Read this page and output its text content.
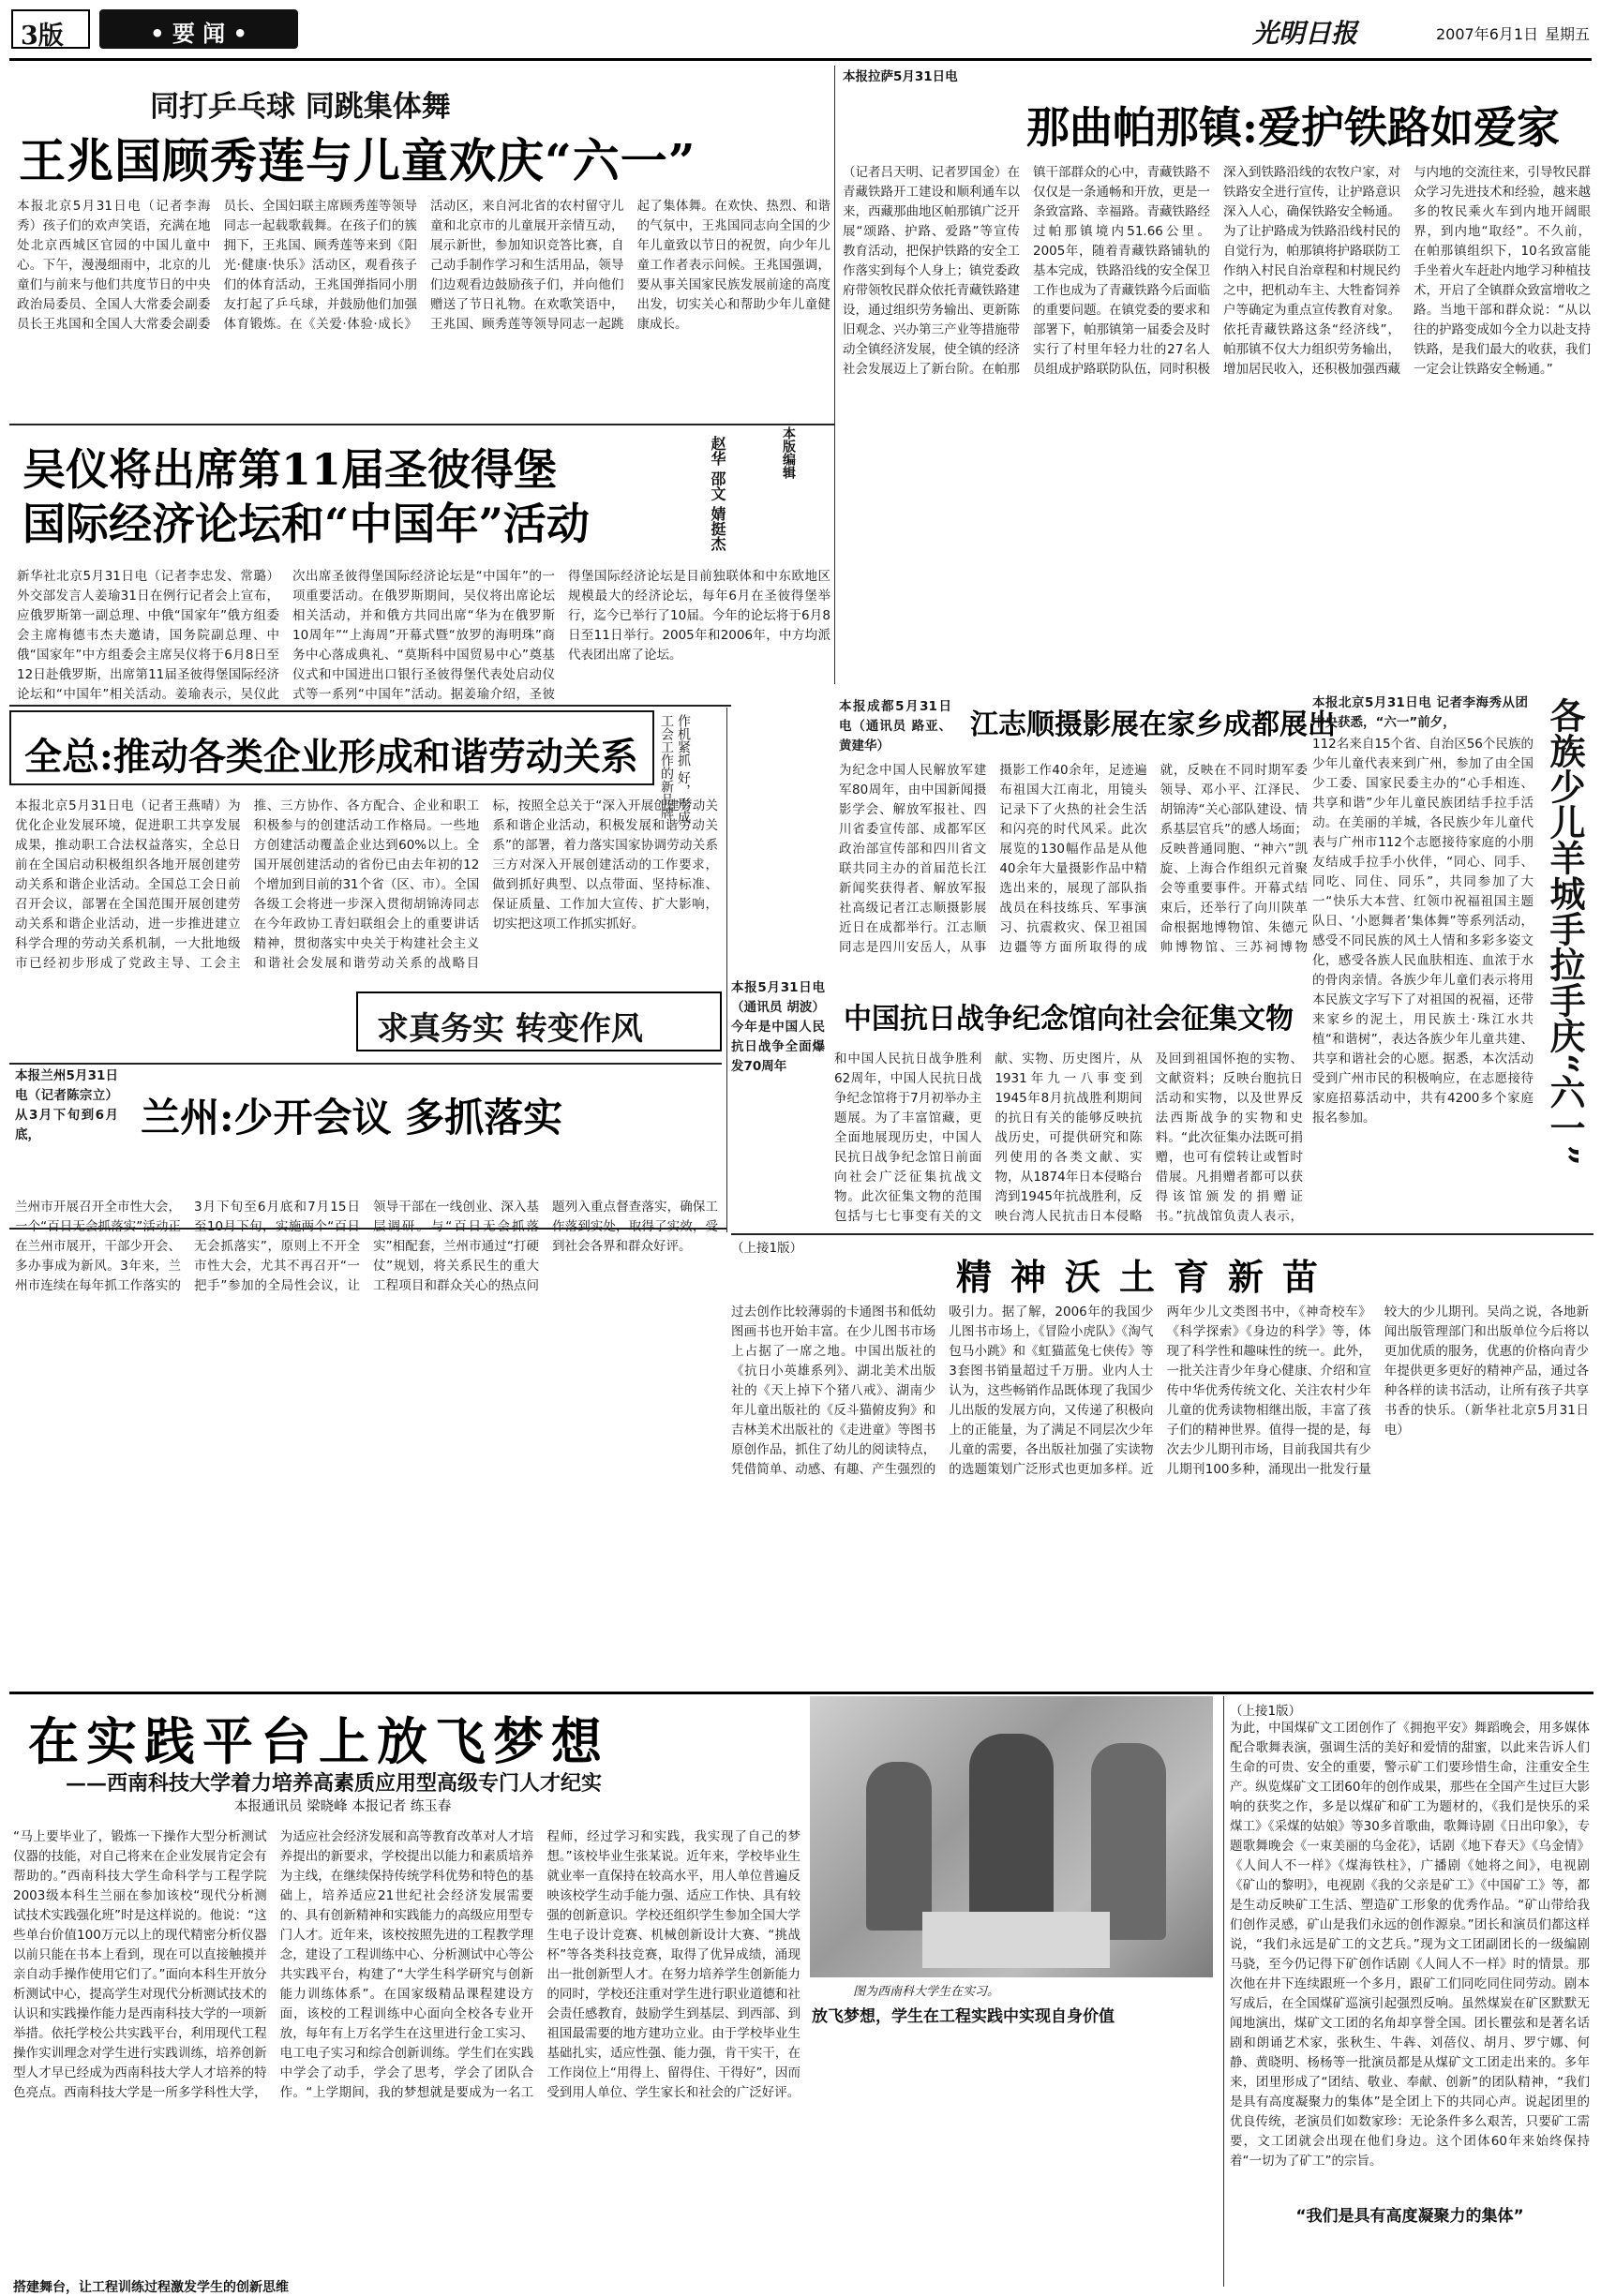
3版	• 要 闻 •	光明日报	2007年6月1日 星期五
同打乒乓球 同跳集体舞
王兆国顾秀莲与儿童欢庆“六一”
本报北京5月31日电（记者李海秀）孩子们的欢声笑语，充满在地处北京西城区官园的中国儿童中心。下午，漫漫细雨中，北京的儿童们与前来与他们共度节日的中央政治局委员、全国人大常委会副委员长王兆国和全国人大常委会副委员长、全国妇联主席顾秀莲等领导同志一起载歌载舞。在孩子们的簇拥下，王兆国、顾秀莲等来到《阳光·健康·快乐》活动区，观看孩子们的体育活动，王兆国弹指同小朋友打起了乒乓球，并鼓励他们加强体育锻炼。在《关爱·体验·成长》活动区，来自河北省的农村留守儿童和北京市的儿童展开亲情互动，展示新世，参加知识竞答比赛，自己动手制作学习和生活用品，领导们边观看边鼓励孩子们，并向他们赠送了节日礼物。在欢歌笑语中，王兆国、顾秀莲等领导同志一起跳起了集体舞。在欢快、热烈、和谐的气氛中，王兆国同志向全国的少年儿童致以节日的祝贺，向少年儿童工作者表示问候。王兆国强调，要从事关国家民族发展前途的高度出发，切实关心和帮助少年儿童健康成长。
本报拉萨5月31日电
那曲帕那镇:爱护铁路如爱家
（记者吕天明、记者罗国金）在青藏铁路开工建设和顺利通车以来，西藏那曲地区帕那镇广泛开展“颂路、护路、爱路”等宣传教育活动，把保护铁路的安全工作落实到每个人身上；镇党委政府带领牧民群众依托青藏铁路建设，通过组织劳务输出、更新陈旧观念、兴办第三产业等措施带动全镇经济发展，使全镇的经济社会发展迈上了新台阶。在帕那镇干部群众的心中，青藏铁路不仅仅是一条通畅和开放，更是一条致富路、幸福路。青藏铁路经过帕那镇境内51.66公里。2005年，随着青藏铁路铺轨的基本完成，铁路沿线的安全保卫工作也成为了青藏铁路今后面临的重要问题。在镇党委的要求和部署下，帕那镇第一届委会及时实行了村里年轻力壮的27名人员组成护路联防队伍，同时积极深入到铁路沿线的农牧户家，对铁路安全进行宣传，让护路意识深入人心，确保铁路安全畅通。为了让护路成为铁路沿线村民的自觉行为，帕那镇将护路联防工作纳入村民自治章程和村规民约之中，把机动车主、大牲畜饲养户等确定为重点宣传教育对象。依托青藏铁路这条“经济线”，帕那镇不仅大力组织劳务输出，增加居民收入，还积极加强西藏与内地的交流往来，引导牧民群众学习先进技术和经验，越来越多的牧民乘火车到内地开阔眼界，到内地“取经”。不久前，在帕那镇组织下，10名致富能手坐着火车赶赴内地学习种植技术，开启了全镇群众致富增收之路。当地干部和群众说：“从以往的护路变成如今全力以赴支持铁路，是我们最大的收获，我们一定会让铁路安全畅通。”
吴仪将出席第11届圣彼得堡
国际经济论坛和“中国年”活动
本版编辑
赵华 邵文 婧挺杰
新华社北京5月31日电（记者李忠发、常璐）外交部发言人姜瑜31日在例行记者会上宣布，应俄罗斯第一副总理、中俄“国家年”俄方组委会主席梅德韦杰夫邀请，国务院副总理、中俄“国家年”中方组委会主席吴仪将于6月8日至12日赴俄罗斯，出席第11届圣彼得堡国际经济论坛和“中国年”相关活动。姜瑜表示，吴仪此次出席圣彼得堡国际经济论坛是“中国年”的一项重要活动。在俄罗斯期间，吴仪将出席论坛相关活动，并和俄方共同出席“华为在俄罗斯10周年”“上海周”开幕式暨“放罗的海明珠”商务中心落成典礼、“莫斯科中国贸易中心”奠基仪式和中国进出口银行圣彼得堡代表处启动仪式等一系列“中国年”活动。据姜瑜介绍，圣彼得堡国际经济论坛是目前独联体和中东欧地区规模最大的经济论坛，每年6月在圣彼得堡举行，迄今已举行了10届。今年的论坛将于6月8日至11日举行。2005年和2006年，中方均派代表团出席了论坛。
本报成都5月31日电（通讯员 路亚、黄建华）
江志顺摄影展在家乡成都展出
为纪念中国人民解放军建军80周年，由中国新闻摄影学会、解放军报社、四川省委宣传部、成都军区政治部宣传部和四川省文联共同主办的首届范长江新闻奖获得者、解放军报社高级记者江志顺摄影展近日在成都举行。江志顺同志是四川安岳人，从事摄影工作40余年，足迹遍布祖国大江南北，用镜头记录下了火热的社会生活和闪亮的时代风采。此次展览的130幅作品是从他40余年大量摄影作品中精选出来的，展现了部队指战员在科技练兵、军事演习、抗震救灾、保卫祖国边疆等方面所取得的成就，反映在不同时期军委领导、邓小平、江泽民、胡锦涛“关心部队建设、情系基层官兵”的感人场面；反映普通同胞、“神六”凯旋、上海合作组织元首聚会等重要事件。开幕式结束后，还举行了向川陕革命根据地博物馆、朱德元帅博物馆、三苏祠博物
本报北京5月31日电 记者李海秀从团中央获悉，“六一”前夕，	各族少儿羊城手拉手庆“六一”
112名来自15个省、自治区56个民族的少年儿童代表来到广州，参加了由全国少工委、国家民委主办的“心手相连、共享和谐”少年儿童民族团结手拉手活动。在美丽的羊城，各民族少年儿童代表与广州市112个志愿接待家庭的小朋友结成手拉手小伙伴，“同心、同手、同吃、同住、同乐”，共同参加了大一“快乐大本营、红领巾祝福祖国主题队日、‘小愿舞者’集体舞”等系列活动，感受不同民族的风土人情和多彩多姿文化，感受各族人民血肤相连、血浓于水的骨肉亲情。各族少年儿童们表示将用本民族文字写下了对祖国的祝福，还带来家乡的泥土，用民族土·珠江水共植“和谐树”，表达各族少年儿童共建、共享和谐社会的心愿。据悉，本次活动受到广州市民的积极响应，在志愿接待家庭招募活动中，共有4200多个家庭报名参加。
全总:推动各类企业形成和谐劳动关系	作机紧抓 好，形成工会工作的新品牌
本报北京5月31日电（记者王燕晴）为优化企业发展环境，促进职工共享发展成果，推动职工合法权益落实，全总日前在全国启动积极组织各地开展创建劳动关系和谐企业活动。全国总工会日前召开会议，部署在全国范围开展创建劳动关系和谐企业活动，进一步推进建立科学合理的劳动关系机制，一大批地级市已经初步形成了党政主导、工会主推、三方协作、各方配合、企业和职工积极参与的创建活动工作格局。一些地方创建活动覆盖企业达到60%以上。全国开展创建活动的省份已由去年初的12个增加到目前的31个省（区、市）。全国各级工会将进一步深入贯彻胡锦涛同志在今年政协工青妇联组会上的重要讲话精神，贯彻落实中央关于构建社会主义和谐社会发展和谐劳动关系的战略目标，按照全总关于“深入开展创建劳动关系和谐企业活动，积极发展和谐劳动关系”的部署，着力落实国家协调劳动关系三方对深入开展创建活动的工作要求，做到抓好典型、以点带面、坚持标准、保证质量、工作加大宣传、扩大影响，切实把这项工作抓实抓好。
求真务实 转变作风
本报兰州5月31日电（记者陈宗立）从3月下旬到6月底，	兰州:少开会议 多抓落实
兰州市开展召开全市性大会，一个“百日无会抓落实”活动正在兰州市展开，干部少开会、多办事成为新风。3年来，兰州市连续在每年抓工作落实的3月下旬至6月底和7月15日至10月下旬，实施两个“百日无会抓落实”，原则上不开全市性大会，尤其不再召开“一把手”参加的全局性会议，让领导干部在一线创业、深入基层调研。与“百日无会抓落实”相配套，兰州市通过“打硬仗”规划，将关系民生的重大工程项目和群众关心的热点问题列入重点督查落实，确保工作落到实处，取得了实效，受到社会各界和群众好评。
本报5月31日电（通讯员 胡波）今年是中国人民抗日战争全面爆发70周年
中国抗日战争纪念馆向社会征集文物
和中国人民抗日战争胜利62周年，中国人民抗日战争纪念馆将于7月初举办主题展。为了丰富馆藏，更全面地展现历史，中国人民抗日战争纪念馆日前面向社会广泛征集抗战文物。此次征集文物的范围包括与七七事变有关的文献、实物、历史图片，从1931年九一八事变到1945年8月抗战胜利期间的抗日有关的能够反映抗战历史，可提供研究和陈列使用的各类文献、实物，从1874年日本侵略台湾到1945年抗战胜利，反映台湾人民抗击日本侵略及回到祖国怀抱的实物、文献资料；反映台胞抗日活动和实物，以及世界反法西斯战争的实物和史料。“此次征集办法既可捐赠，也可有偿转让或暂时借展。凡捐赠者都可以获得该馆颁发的捐赠证书。”抗战馆负责人表示，
（上接1版）
精神沃土育新苗
过去创作比较薄弱的卡通图书和低幼图画书也开始丰富。在少儿图书市场上占据了一席之地。中国出版社的《抗日小英雄系列》、湖北美术出版社的《天上掉下个猪八戒》、湖南少年儿童出版社的《反斗猫俯皮狗》和吉林美术出版社的《走进童》等图书原创作品，抓住了幼儿的阅读特点，凭借简单、动感、有趣、产生强烈的吸引力。据了解，2006年的我国少儿图书市场上，《冒险小虎队》《淘气包马小跳》和《虹猫蓝兔七侠传》等3套图书销量超过千万册。业内人士认为，这些畅销作品既体现了我国少儿出版的发展方向，又传递了积极向上的正能量，为了满足不同层次少年儿童的需要，各出版社加强了实读物的选题策划广泛形式也更加多样。近两年少儿文类图书中，《神奇校车》《科学探索》《身边的科学》等，体现了科学性和趣味性的统一。此外，一批关注青少年身心健康、介绍和宣传中华优秀传统文化、关注农村少年儿童的优秀读物相继出版，丰富了孩子们的精神世界。值得一提的是，每次去少儿期刊市场，目前我国共有少儿期刊100多种，涌现出一批发行量较大的少儿期刊。吴尚之说，各地新闻出版管理部门和出版单位今后将以更加优质的服务，优惠的价格向青少年提供更多更好的精神产品，通过各种各样的读书活动，让所有孩子共享书香的快乐。（新华社北京5月31日电）
在实践平台上放飞梦想
——西南科技大学着力培养高素质应用型高级专门人才纪实
本报通讯员 梁晓峰 本报记者 练玉春
图为西南科大学生在实习。
“马上要毕业了，锻炼一下操作大型分析测试仪器的技能，对自己将来在企业发展肯定会有帮助的。”西南科技大学生命科学与工程学院2003级本科生兰丽在参加该校“现代分析测试技术实践强化班”时是这样说的。他说：“这些单台价值100万元以上的现代精密分析仪器以前只能在书本上看到，现在可以直接触摸并亲自动手操作使用它们了。”面向本科生开放分析测试中心，提高学生对现代分析测试技术的认识和实践操作能力是西南科技大学的一项新举措。依托学校公共实践平台，利用现代工程操作实训理念对学生进行实践训练，培养创新型人才早已经成为西南科技大学人才培养的特色亮点。西南科技大学是一所多学科性大学，为适应社会经济发展和高等教育改革对人才培养提出的新要求，学校提出以能力和素质培养为主线，在继续保持传统学科优势和特色的基础上，培养适应21世纪社会经济发展需要的、具有创新精神和实践能力的高级应用型专门人才。近年来，该校按照先进的工程教学理念，建设了工程训练中心、分析测试中心等公共实践平台，构建了“大学生科学研究与创新能力训练体系”。在国家级精品课程建设方面，该校的工程训练中心面向全校各专业开放，每年有上万名学生在这里进行金工实习、电工电子实习和综合创新训练。学生们在实践中学会了动手，学会了思考，学会了团队合作。“上学期间，我的梦想就是要成为一名工程师，经过学习和实践，我实现了自己的梦想。”该校毕业生张某说。近年来，学校毕业生就业率一直保持在较高水平，用人单位普遍反映该校学生动手能力强、适应工作快、具有较强的创新意识。学校还组织学生参加全国大学生电子设计竞赛、机械创新设计大赛、“挑战杯”等各类科技竞赛，取得了优异成绩，涌现出一批创新型人才。在努力培养学生创新能力的同时，学校还注重对学生进行职业道德和社会责任感教育，鼓励学生到基层、到西部、到祖国最需要的地方建功立业。由于学校毕业生基础扎实，适应性强、能力强，肯干实干，在工作岗位上“用得上、留得住、干得好”，因而受到用人单位、学生家长和社会的广泛好评。
搭建舞台，让工程训练过程激发学生的创新思维
放飞梦想，学生在工程实践中实现自身价值
（上接1版）
为此，中国煤矿文工团创作了《拥抱平安》舞蹈晚会，用多媒体配合歌舞表演，强调生活的美好和爱情的甜蜜，以此来告诉人们生命的可贵、安全的重要，警示矿工们要珍惜生命，注重安全生产。纵览煤矿文工团60年的创作成果，那些在全国产生过巨大影响的获奖之作，多是以煤矿和矿工为题材的，《我们是快乐的采煤工》《采煤的姑娘》等30多首歌曲，歌舞诗剧《日出印象》，专题歌舞晚会《一束美丽的乌金花》，话剧《地下春天》《乌金情》《人间人不一样》《煤海铁柱》，广播剧《她将之间》，电视剧《矿山的黎明》，电视剧《我的父亲是矿工》《中国矿工》等，都是生动反映矿工生活、塑造矿工形象的优秀作品。“矿山带给我们创作灵感，矿山是我们永远的创作源泉。”团长和演员们都这样说，“我们永远是矿工的文艺兵。”现为文工团副团长的一级编剧马骁，至今仍记得下矿创作话剧《人间人不一样》时的情景。那次他在井下连续跟班一个多月，跟矿工们同吃同住同劳动。剧本写成后，在全国煤矿巡演引起强烈反响。虽然煤炭在矿区默默无闻地演出，煤矿文工团的名角却享誉全国。团长瞿弦和是著名话剧和朗诵艺术家，张秋生、牛犇、刘蓓仪、胡月、罗宁娜、何静、黄晓明、杨杨等一批演员都是从煤矿文工团走出来的。多年来，团里形成了“团结、敬业、奉献、创新”的团队精神，“我们是具有高度凝聚力的集体”是全团上下的共同心声。说起团里的优良传统，老演员们如数家珍：无论条件多么艰苦，只要矿工需要，文工团就会出现在他们身边。这个团体60年来始终保持着“一切为了矿工”的宗旨。
“我们是具有高度凝聚力的集体”
